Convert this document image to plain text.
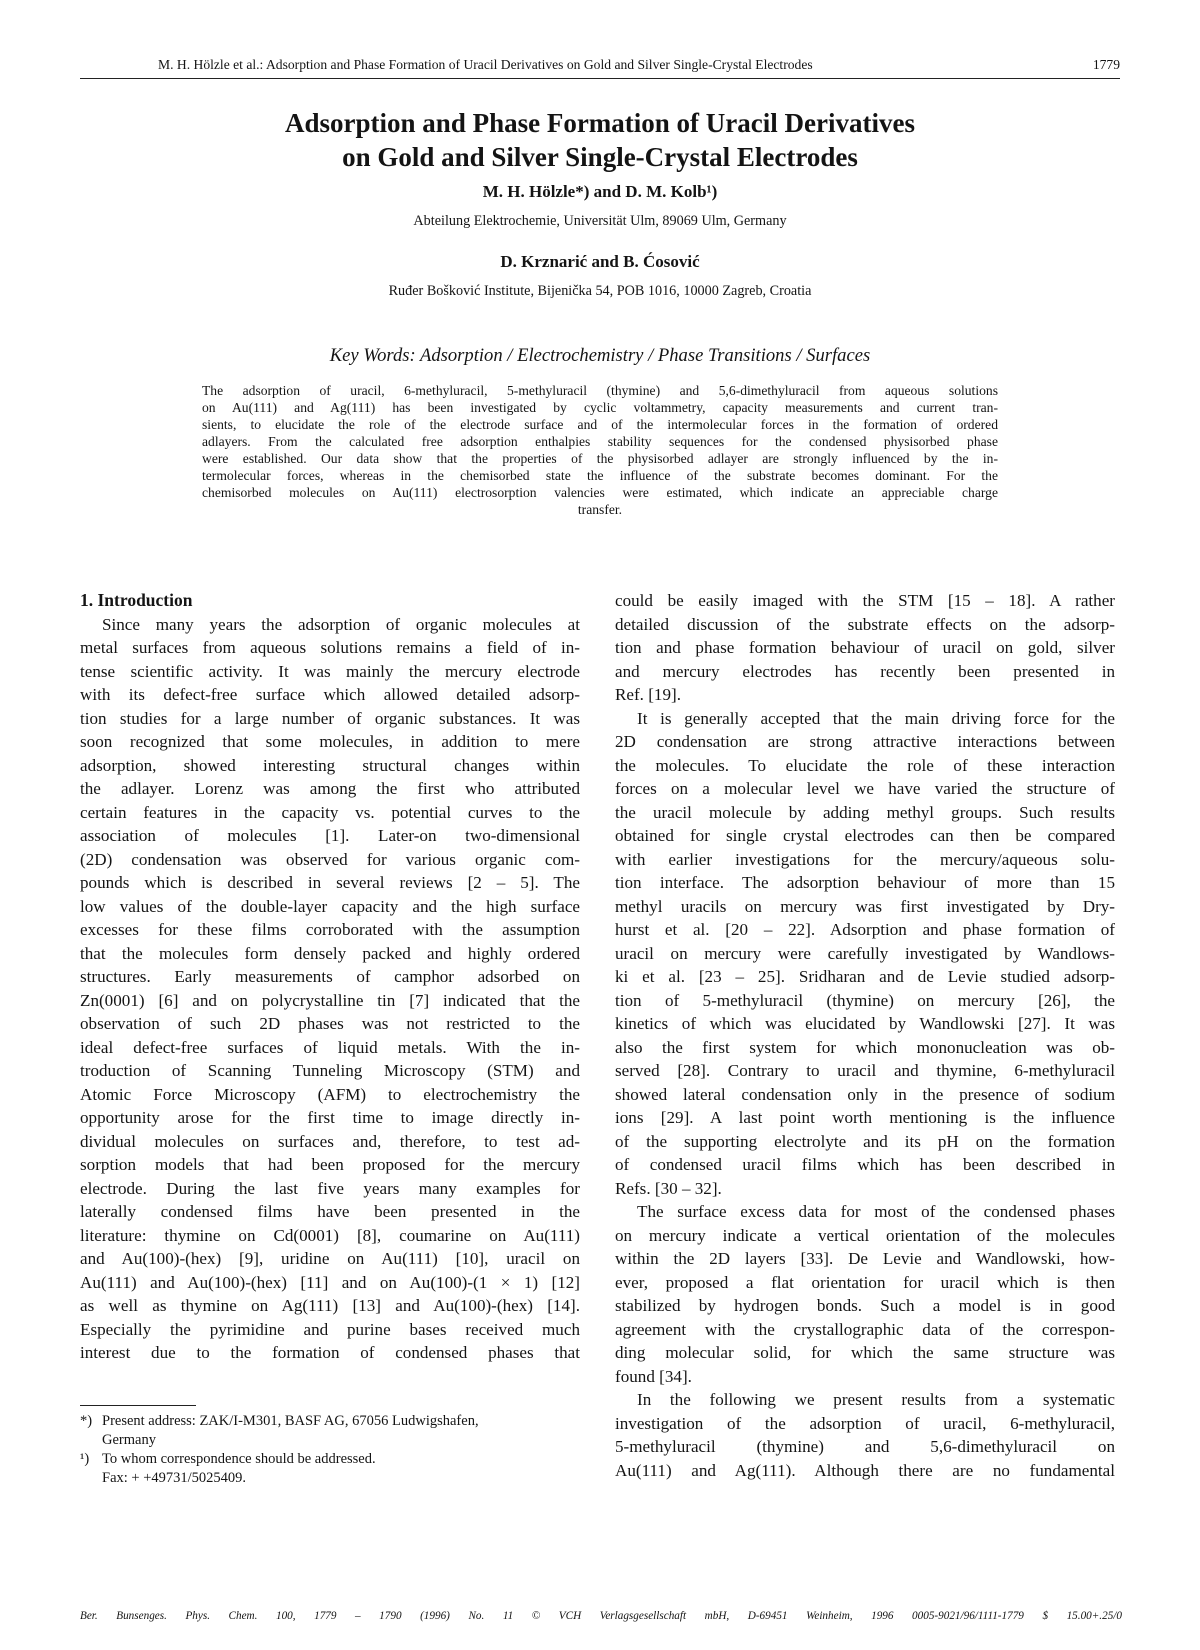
M. H. Hölzle et al.: Adsorption and Phase Formation of Uracil Derivatives on Gold and Silver Single-Crystal Electrodes	1779
Adsorption and Phase Formation of Uracil Derivatives
on Gold and Silver Single-Crystal Electrodes
M. H. Hölzle*) and D. M. Kolb¹)
Abteilung Elektrochemie, Universität Ulm, 89069 Ulm, Germany
D. Krznarić and B. Ćosović
Ruđer Bošković Institute, Bijenička 54, POB 1016, 10000 Zagreb, Croatia
Key Words: Adsorption / Electrochemistry / Phase Transitions / Surfaces
The adsorption of uracil, 6-methyluracil, 5-methyluracil (thymine) and 5,6-dimethyluracil from aqueous solutions
on Au(111) and Ag(111) has been investigated by cyclic voltammetry, capacity measurements and current tran-
sients, to elucidate the role of the electrode surface and of the intermolecular forces in the formation of ordered
adlayers. From the calculated free adsorption enthalpies stability sequences for the condensed physisorbed phase
were established. Our data show that the properties of the physisorbed adlayer are strongly influenced by the in-
termolecular forces, whereas in the chemisorbed state the influence of the substrate becomes dominant. For the
chemisorbed molecules on Au(111) electrosorption valencies were estimated, which indicate an appreciable charge
transfer.
1. Introduction
Since many years the adsorption of organic molecules at
metal surfaces from aqueous solutions remains a field of in-
tense scientific activity. It was mainly the mercury electrode
with its defect-free surface which allowed detailed adsorp-
tion studies for a large number of organic substances. It was
soon recognized that some molecules, in addition to mere
adsorption, showed interesting structural changes within
the adlayer. Lorenz was among the first who attributed
certain features in the capacity vs. potential curves to the
association of molecules [1]. Later-on two-dimensional
(2D) condensation was observed for various organic com-
pounds which is described in several reviews [2 – 5]. The
low values of the double-layer capacity and the high surface
excesses for these films corroborated with the assumption
that the molecules form densely packed and highly ordered
structures. Early measurements of camphor adsorbed on
Zn(0001) [6] and on polycrystalline tin [7] indicated that the
observation of such 2D phases was not restricted to the
ideal defect-free surfaces of liquid metals. With the in-
troduction of Scanning Tunneling Microscopy (STM) and
Atomic Force Microscopy (AFM) to electrochemistry the
opportunity arose for the first time to image directly in-
dividual molecules on surfaces and, therefore, to test ad-
sorption models that had been proposed for the mercury
electrode. During the last five years many examples for
laterally condensed films have been presented in the
literature: thymine on Cd(0001) [8], coumarine on Au(111)
and Au(100)-(hex) [9], uridine on Au(111) [10], uracil on
Au(111) and Au(100)-(hex) [11] and on Au(100)-(1 × 1) [12]
as well as thymine on Ag(111) [13] and Au(100)-(hex) [14].
Especially the pyrimidine and purine bases received much
interest due to the formation of condensed phases that
could be easily imaged with the STM [15 – 18]. A rather
detailed discussion of the substrate effects on the adsorp-
tion and phase formation behaviour of uracil on gold, silver
and mercury electrodes has recently been presented in
Ref. [19].
It is generally accepted that the main driving force for the
2D condensation are strong attractive interactions between
the molecules. To elucidate the role of these interaction
forces on a molecular level we have varied the structure of
the uracil molecule by adding methyl groups. Such results
obtained for single crystal electrodes can then be compared
with earlier investigations for the mercury/aqueous solu-
tion interface. The adsorption behaviour of more than 15
methyl uracils on mercury was first investigated by Dry-
hurst et al. [20 – 22]. Adsorption and phase formation of
uracil on mercury were carefully investigated by Wandlows-
ki et al. [23 – 25]. Sridharan and de Levie studied adsorp-
tion of 5-methyluracil (thymine) on mercury [26], the
kinetics of which was elucidated by Wandlowski [27]. It was
also the first system for which mononucleation was ob-
served [28]. Contrary to uracil and thymine, 6-methyluracil
showed lateral condensation only in the presence of sodium
ions [29]. A last point worth mentioning is the influence
of the supporting electrolyte and its pH on the formation
of condensed uracil films which has been described in
Refs. [30 – 32].
The surface excess data for most of the condensed phases
on mercury indicate a vertical orientation of the molecules
within the 2D layers [33]. De Levie and Wandlowski, how-
ever, proposed a flat orientation for uracil which is then
stabilized by hydrogen bonds. Such a model is in good
agreement with the crystallographic data of the correspon-
ding molecular solid, for which the same structure was
found [34].
In the following we present results from a systematic
investigation of the adsorption of uracil, 6-methyluracil,
5-methyluracil (thymine) and 5,6-dimethyluracil on
Au(111) and Ag(111). Although there are no fundamental
*) Present address: ZAK/I-M301, BASF AG, 67056 Ludwigshafen,
Germany
¹) To whom correspondence should be addressed.
Fax: + +49731/5025409.
Ber. Bunsenges. Phys. Chem. 100, 1779 – 1790 (1996) No. 11 © VCH Verlagsgesellschaft mbH, D-69451 Weinheim, 1996 0005-9021/96/1111-1779 $ 15.00+.25/0
